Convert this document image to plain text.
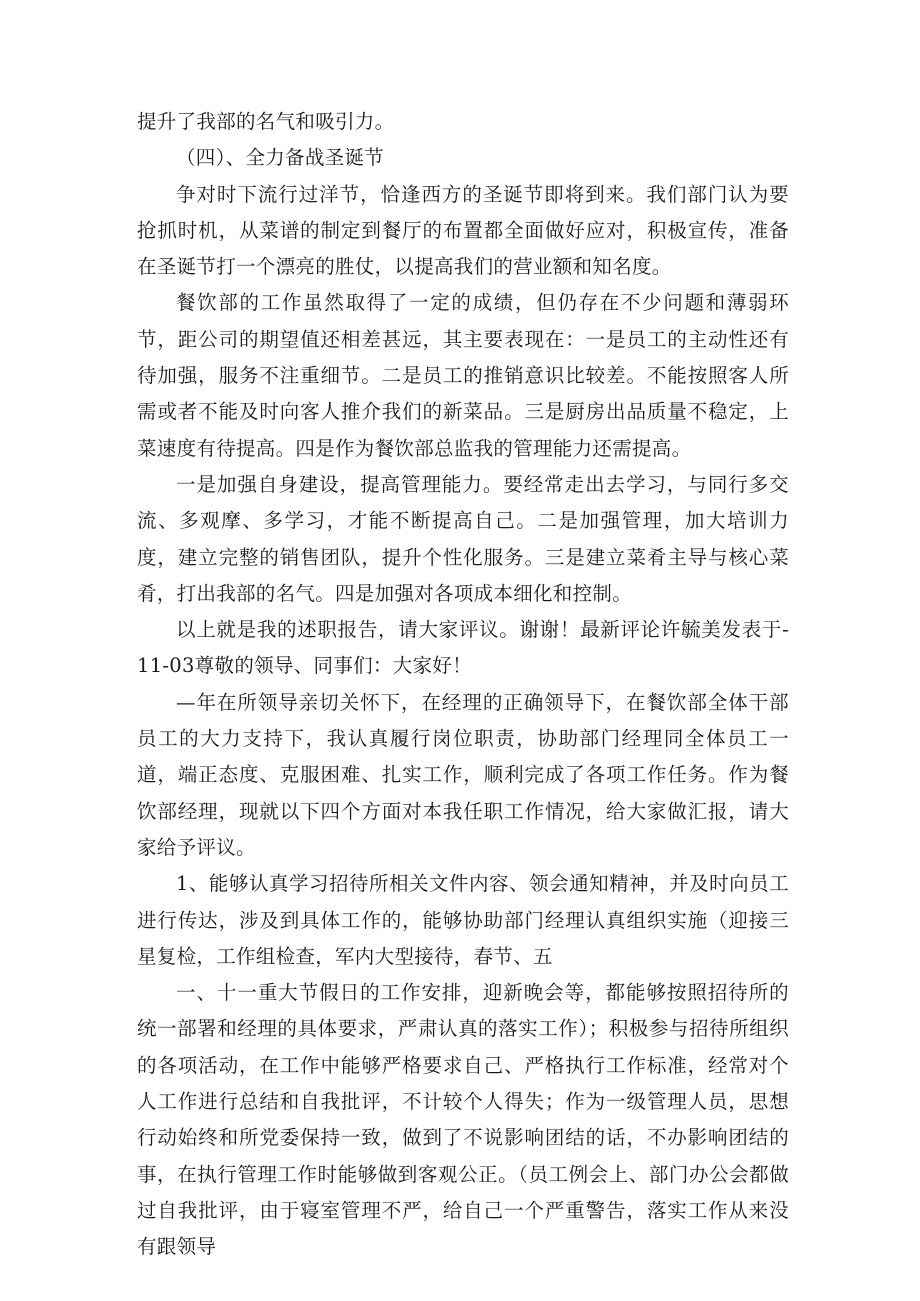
提升了我部的名气和吸引力。

（四）、全力备战圣诞节

争对时下流行过洋节，恰逢西方的圣诞节即将到来。我们部门认为要抢抓时机，从菜谱的制定到餐厅的布置都全面做好应对，积极宣传，准备在圣诞节打一个漂亮的胜仗，以提高我们的营业额和知名度。

餐饮部的工作虽然取得了一定的成绩，但仍存在不少问题和薄弱环节，距公司的期望值还相差甚远，其主要表现在：一是员工的主动性还有待加强，服务不注重细节。二是员工的推销意识比较差。不能按照客人所需或者不能及时向客人推介我们的新菜品。三是厨房出品质量不稳定，上菜速度有待提高。四是作为餐饮部总监我的管理能力还需提高。

一是加强自身建设，提高管理能力。要经常走出去学习，与同行多交流、多观摩、多学习，才能不断提高自己。二是加强管理，加大培训力度，建立完整的销售团队，提升个性化服务。三是建立菜肴主导与核心菜肴，打出我部的名气。四是加强对各项成本细化和控制。

以上就是我的述职报告，请大家评议。谢谢！最新评论许毓美发表于-11-03尊敬的领导、同事们：大家好！

—年在所领导亲切关怀下，在经理的正确领导下，在餐饮部全体干部员工的大力支持下，我认真履行岗位职责，协助部门经理同全体员工一道，端正态度、克服困难、扎实工作，顺利完成了各项工作任务。作为餐饮部经理，现就以下四个方面对本我任职工作情况，给大家做汇报，请大家给予评议。

1、能够认真学习招待所相关文件内容、领会通知精神，并及时向员工进行传达，涉及到具体工作的，能够协助部门经理认真组织实施（迎接三星复检，工作组检查，军内大型接待，春节、五

一、十一重大节假日的工作安排，迎新晚会等，都能够按照招待所的统一部署和经理的具体要求，严肃认真的落实工作）；积极参与招待所组织的各项活动，在工作中能够严格要求自己、严格执行工作标准，经常对个人工作进行总结和自我批评，不计较个人得失；作为一级管理人员，思想行动始终和所党委保持一致，做到了不说影响团结的话，不办影响团结的事，在执行管理工作时能够做到客观公正。（员工例会上、部门办公会都做过自我批评，由于寝室管理不严，给自己一个严重警告，落实工作从来没有跟领导
